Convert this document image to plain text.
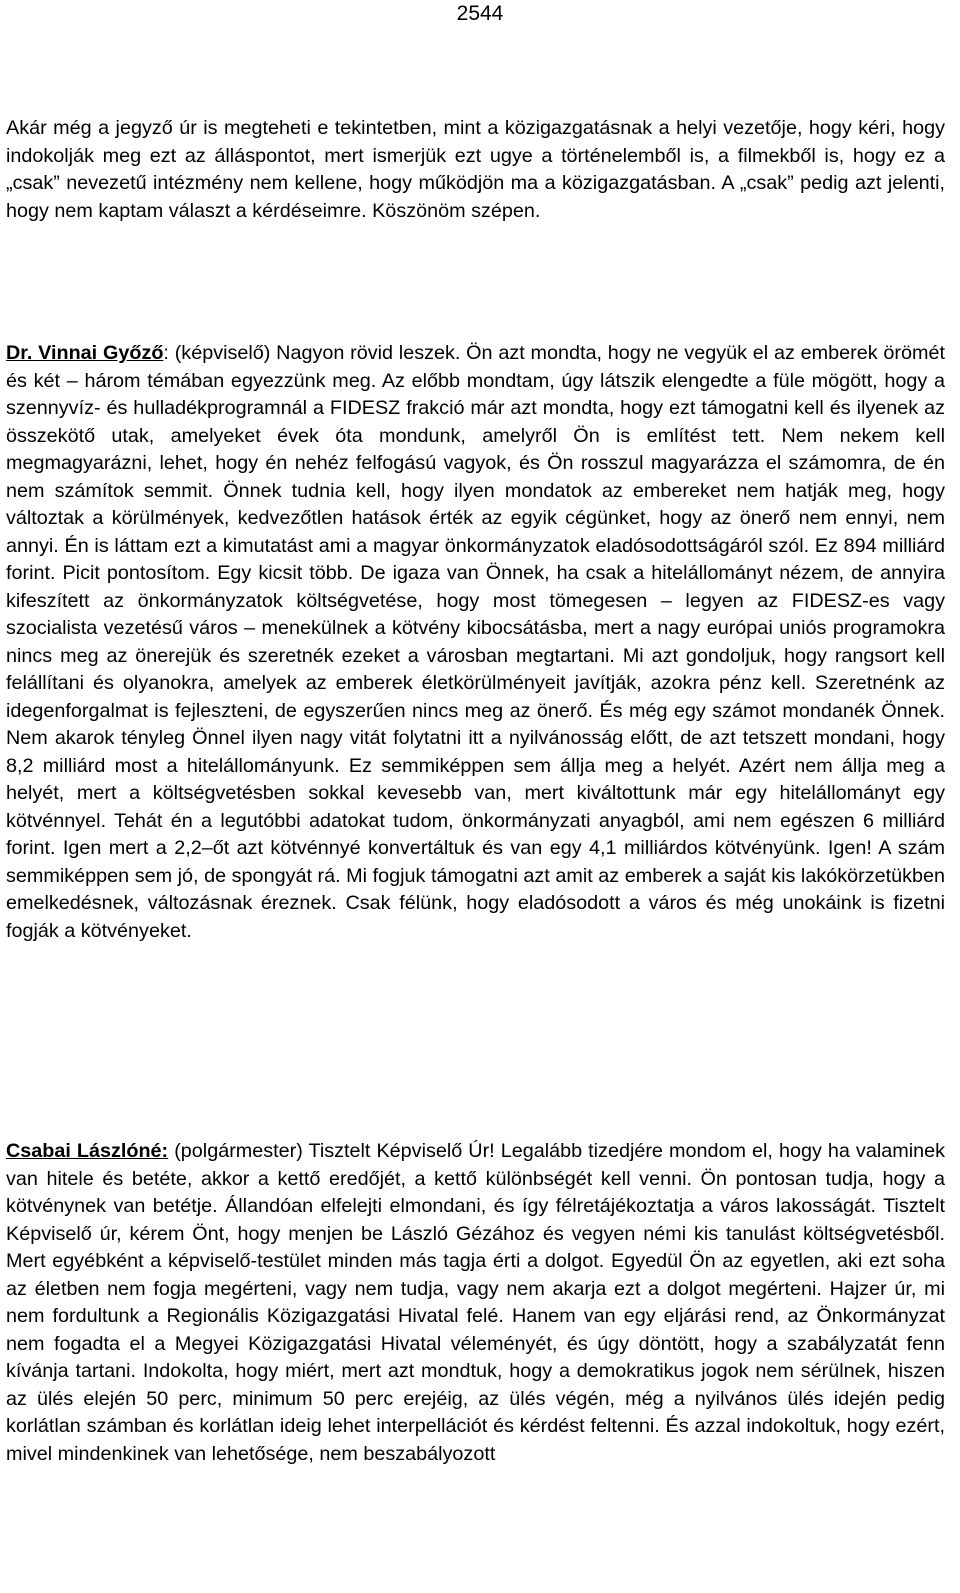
2544

Akár még a jegyző úr is megteheti e tekintetben, mint a közigazgatásnak a helyi vezetője, hogy kéri, hogy indokolják meg ezt az álláspontot, mert ismerjük ezt ugye a történelemből is, a filmekből is, hogy ez a „csak” nevezetű intézmény nem kellene, hogy működjön ma a közigazgatásban. A „csak” pedig azt jelenti, hogy nem kaptam választ a kérdéseimre. Köszönöm szépen.

Dr. Vinnai Győző: (képviselő) Nagyon rövid leszek. Ön azt mondta, hogy ne vegyük el az emberek örömét és két – három témában egyezzünk meg. Az előbb mondtam, úgy látszik elengedte a füle mögött, hogy a szennyvíz- és hulladékprogramnál a FIDESZ frakció már azt mondta, hogy ezt támogatni kell és ilyenek az összekötő utak, amelyeket évek óta mondunk, amelyről Ön is említést tett. Nem nekem kell megmagyarázni, lehet, hogy én nehéz felfogású vagyok, és Ön rosszul magyarázza el számomra, de én nem számítok semmit. Önnek tudnia kell, hogy ilyen mondatok az embereket nem hatják meg, hogy változtak a körülmények, kedvezőtlen hatások érték az egyik cégünket, hogy az önerő nem ennyi, nem annyi. Én is láttam ezt a kimutatást ami a magyar önkormányzatok eladósodottságáról szól. Ez 894 milliárd forint. Picit pontosítom. Egy kicsit több. De igaza van Önnek, ha csak a hitelállományt nézem, de annyira kifeszített az önkormányzatok költségvetése, hogy most tömegesen – legyen az FIDESZ-es vagy szocialista vezetésű város – menekülnek a kötvény kibocsátásba, mert a nagy európai uniós programokra nincs meg az önerejük és szeretnék ezeket a városban megtartani. Mi azt gondoljuk, hogy rangsort kell felállítani és olyanokra, amelyek az emberek életkörülményeit javítják, azokra pénz kell. Szeretnénk az idegenforgalmat is fejleszteni, de egyszerűen nincs meg az önerő. És még egy számot mondanék Önnek. Nem akarok tényleg Önnel ilyen nagy vitát folytatni itt a nyilvánosság előtt, de azt tetszett mondani, hogy 8,2 milliárd most a hitelállományunk. Ez semmiképpen sem állja meg a helyét. Azért nem állja meg a helyét, mert a költségvetésben sokkal kevesebb van, mert kiváltottunk már egy hitelállományt egy kötvénnyel. Tehát én a legutóbbi adatokat tudom, önkormányzati anyagból, ami nem egészen 6 milliárd forint. Igen mert a 2,2–őt azt kötvénnyé konvertáltuk és van egy 4,1 milliárdos kötvényünk. Igen! A szám semmiképpen sem jó, de spongyát rá. Mi fogjuk támogatni azt amit az emberek a saját kis lakókörzetükben emelkedésnek, változásnak éreznek. Csak félünk, hogy eladósodott a város és még unokáink is fizetni fogják a kötvényeket.

Csabai Lászlóné: (polgármester) Tisztelt Képviselő Úr! Legalább tizedjére mondom el, hogy ha valaminek van hitele és betéte, akkor a kettő eredőjét, a kettő különbségét kell venni. Ön pontosan tudja, hogy a kötvénynek van betétje. Állandóan elfelejti elmondani, és így félretájékoztatja a város lakosságát. Tisztelt Képviselő úr, kérem Önt, hogy menjen be László Gézához és vegyen némi kis tanulást költségvetésből. Mert egyébként a képviselő-testület minden más tagja érti a dolgot. Egyedül Ön az egyetlen, aki ezt soha az életben nem fogja megérteni, vagy nem tudja, vagy nem akarja ezt a dolgot megérteni. Hajzer úr, mi nem fordultunk a Regionális Közigazgatási Hivatal felé. Hanem van egy eljárási rend, az Önkormányzat nem fogadta el a Megyei Közigazgatási Hivatal véleményét, és úgy döntött, hogy a szabályzatát fenn kívánja tartani. Indokolta, hogy miért, mert azt mondtuk, hogy a demokratikus jogok nem sérülnek, hiszen az ülés elején 50 perc, minimum 50 perc erejéig, az ülés végén, még a nyilvános ülés idején pedig korlátlan számban és korlátlan ideig lehet interpellációt és kérdést feltenni. És azzal indokoltuk, hogy ezért, mivel mindenkinek van lehetősége, nem beszabályozott
